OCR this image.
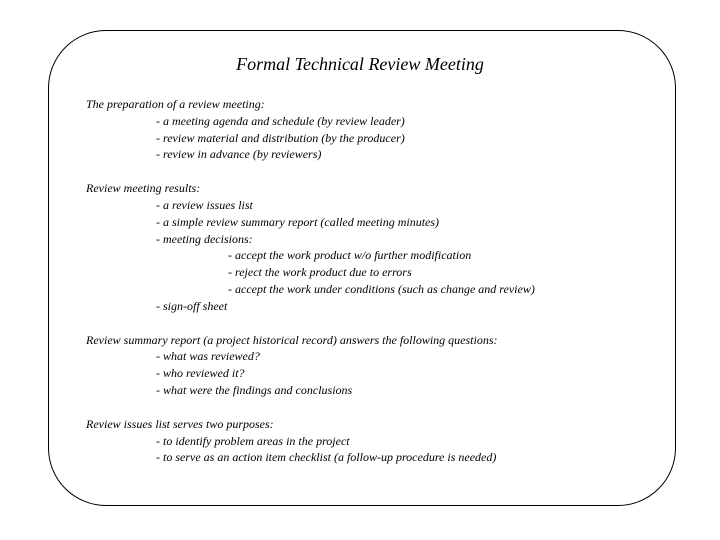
Formal Technical Review Meeting
The preparation of a review meeting:
- a meeting agenda and schedule (by review leader)
- review material and distribution (by the producer)
- review in advance (by reviewers)
Review meeting results:
- a review issues list
- a simple review summary report (called meeting minutes)
- meeting decisions:
- accept the work product w/o further modification
- reject the work product due to errors
- accept the work under conditions (such as change and review)
- sign-off sheet
Review summary report (a project historical record) answers the following questions:
- what was reviewed?
- who reviewed it?
- what were the findings and conclusions
Review issues list serves two purposes:
- to identify problem areas in the project
- to serve as an action item checklist (a follow-up procedure is needed)
